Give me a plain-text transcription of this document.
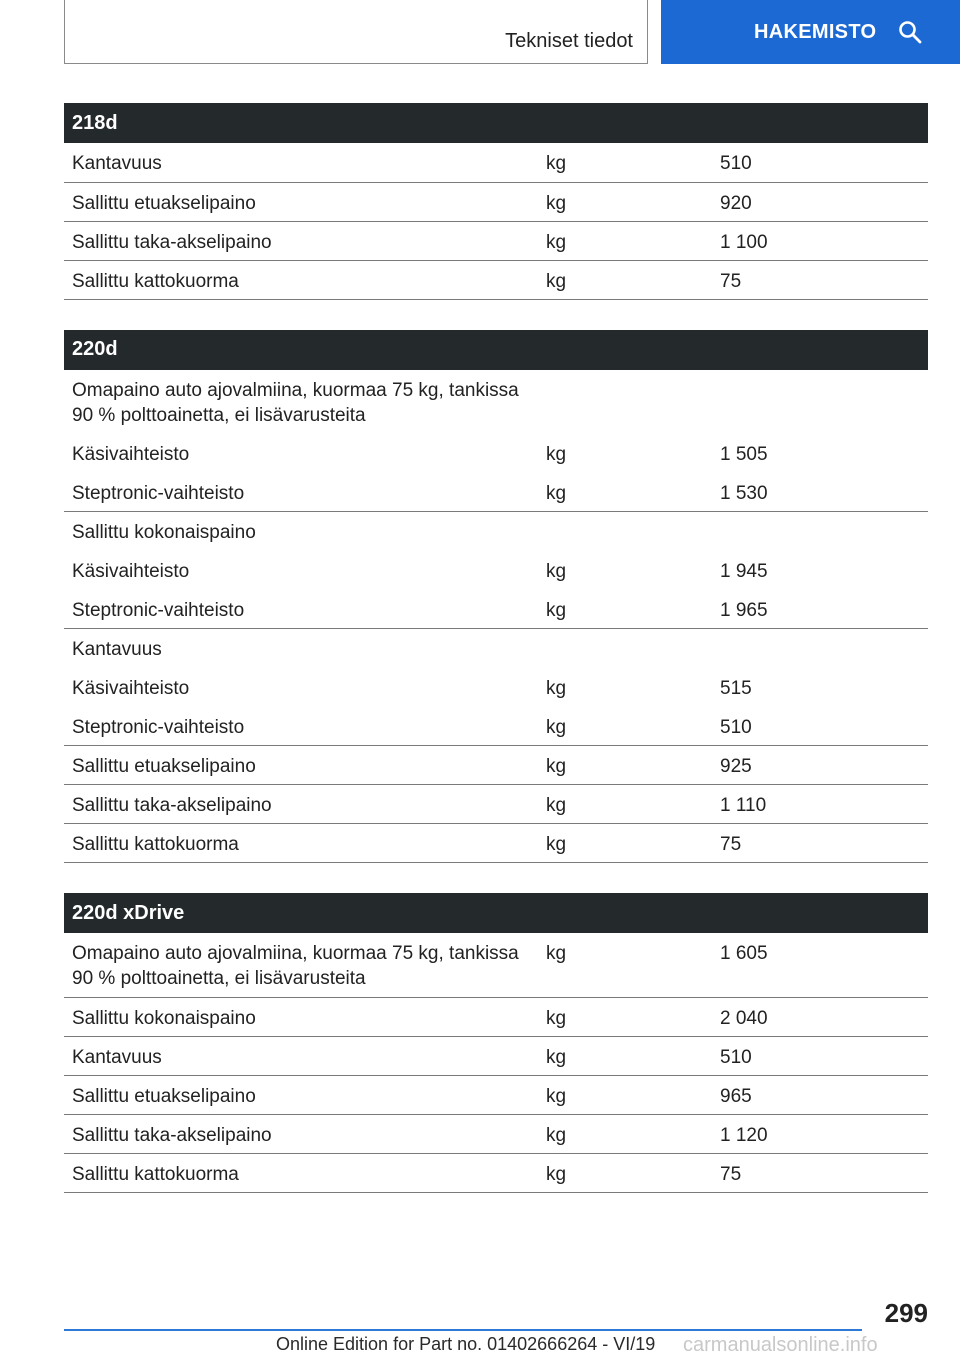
Tekniset tiedot	HAKEMISTO
218d		
Kantavuus	kg	510
Sallittu etuakselipaino	kg	920
Sallittu taka-akselipaino	kg	1 100
Sallittu kattokuorma	kg	75
220d		
Omapaino auto ajovalmiina, kuormaa 75 kg, tankissa 90 % polttoainetta, ei lisävarusteita		
Käsivaihteisto	kg	1 505
Steptronic-vaihteisto	kg	1 530
Sallittu kokonaispaino		
Käsivaihteisto	kg	1 945
Steptronic-vaihteisto	kg	1 965
Kantavuus		
Käsivaihteisto	kg	515
Steptronic-vaihteisto	kg	510
Sallittu etuakselipaino	kg	925
Sallittu taka-akselipaino	kg	1 110
Sallittu kattokuorma	kg	75
220d xDrive		
Omapaino auto ajovalmiina, kuormaa 75 kg, tankissa 90 % polttoainetta, ei lisävarusteita	kg	1 605
Sallittu kokonaispaino	kg	2 040
Kantavuus	kg	510
Sallittu etuakselipaino	kg	965
Sallittu taka-akselipaino	kg	1 120
Sallittu kattokuorma	kg	75
299
Online Edition for Part no. 01402666264 - VI/19 carmanualsonline.info
